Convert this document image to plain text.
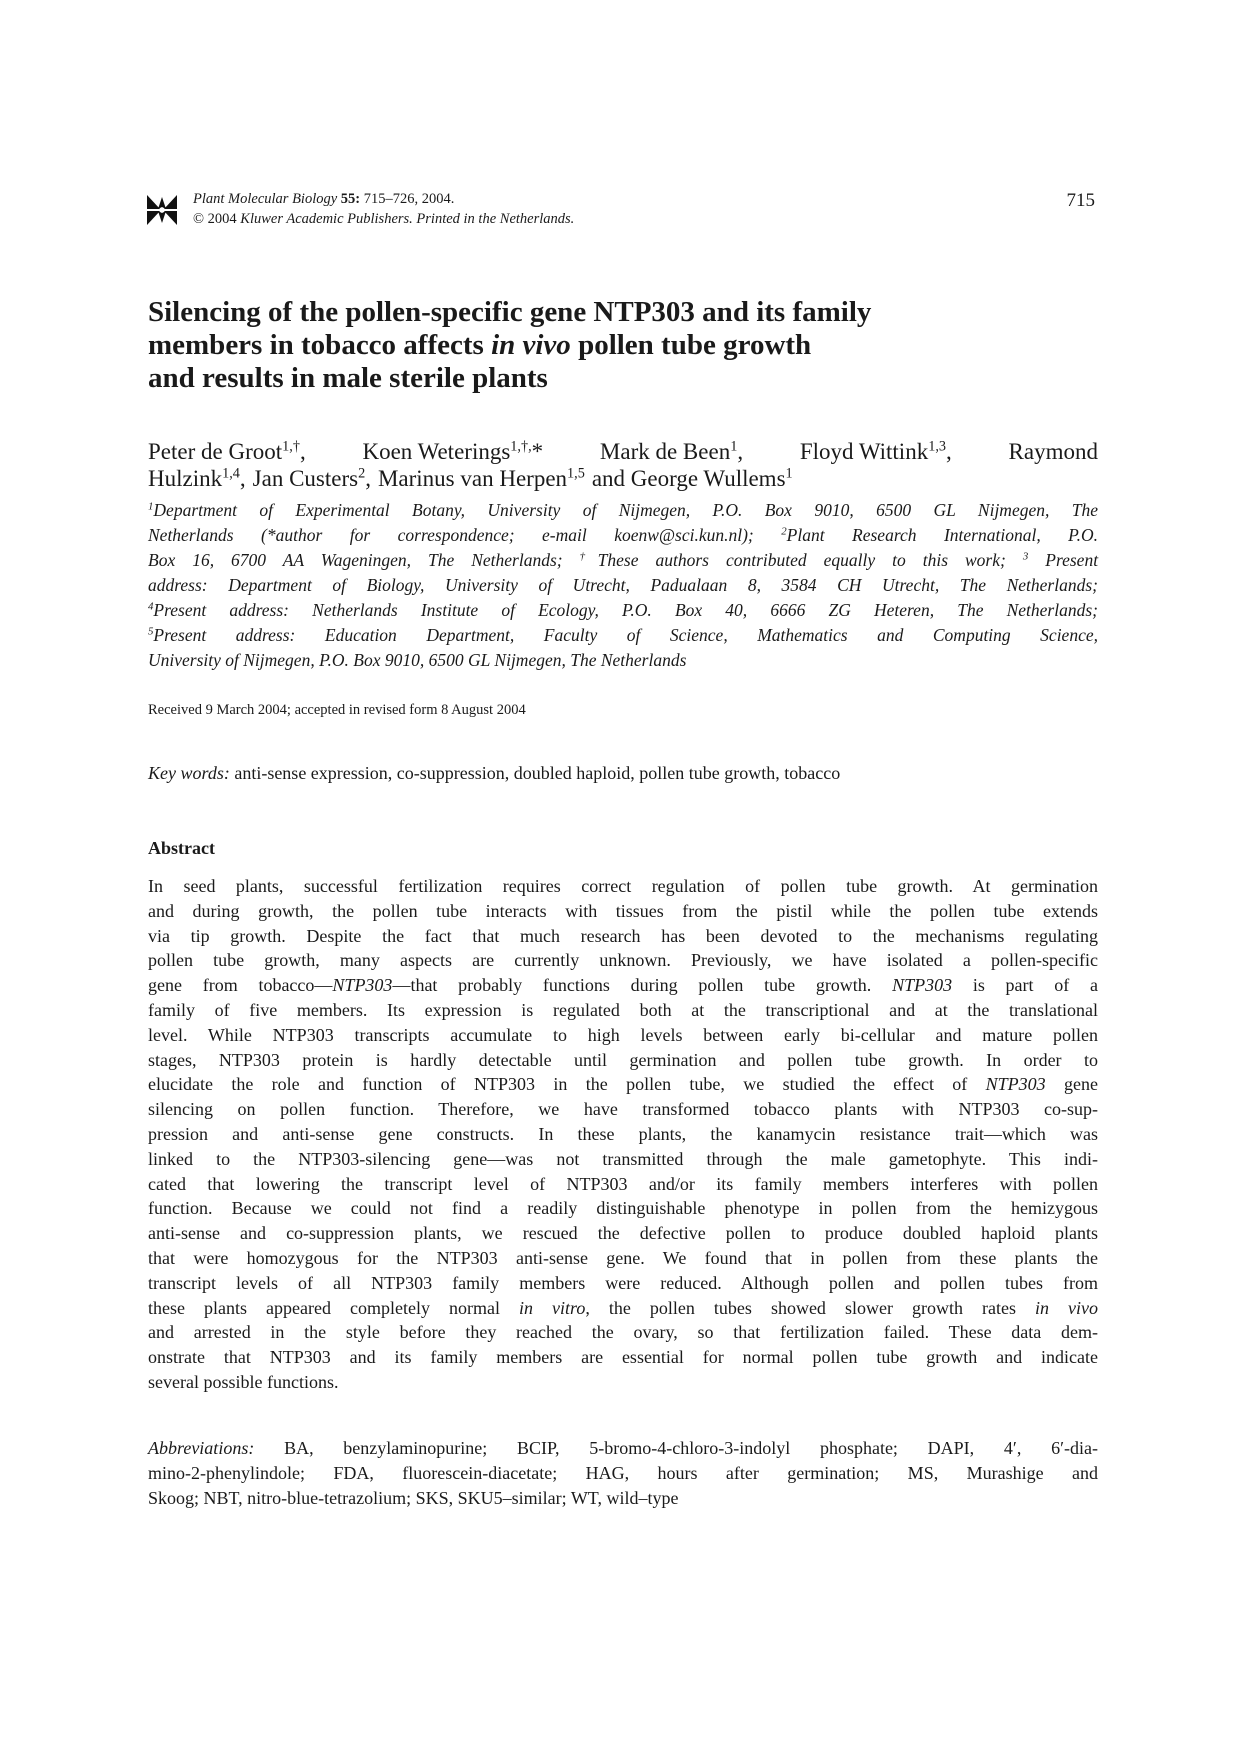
Plant Molecular Biology 55: 715–726, 2004.
© 2004 Kluwer Academic Publishers. Printed in the Netherlands.
715
Silencing of the pollen-specific gene NTP303 and its family
members in tobacco affects in vivo pollen tube growth
and results in male sterile plants
Peter de Groot$^{1,\dagger}$, Koen Weterings$^{1,\dagger,}$* Mark de Been$^1$, Floyd Wittink$^{1,3}$, Raymond
Hulzink$^{1,4}$, Jan Custers$^2$, Marinus van Herpen$^{1,5}$ and George Wullems$^1$
$^1$Department of Experimental Botany, University of Nijmegen, P.O. Box 9010, 6500 GL Nijmegen, The
Netherlands (*author for correspondence; e-mail koenw@sci.kun.nl);	$^2$Plant Research International, P.O.
Box 16, 6700 AA Wageningen, The Netherlands; †These authors contributed equally to this work; $^3$ Present
address: Department of Biology, University of Utrecht, Padualaan 8, 3584 CH Utrecht, The Netherlands;
$^4$Present address: Netherlands Institute of Ecology, P.O. Box 40, 6666 ZG Heteren, The Netherlands;
$^5$Present address: Education Department, Faculty of Science, Mathematics and Computing Science,
University of Nijmegen, P.O. Box 9010, 6500 GL Nijmegen, The Netherlands
Received 9 March 2004; accepted in revised form 8 August 2004
Key words: anti-sense expression, co-suppression, doubled haploid, pollen tube growth, tobacco
Abstract
In seed plants, successful fertilization requires correct regulation of pollen tube growth. At germination
and during growth, the pollen tube interacts with tissues from the pistil while the pollen tube extends
via tip growth. Despite the fact that much research has been devoted to the mechanisms regulating
pollen tube growth, many aspects are currently unknown. Previously, we have isolated a pollen-specific
gene from tobacco—NTP303—that probably functions during pollen tube growth. NTP303 is part of a
family of five members. Its expression is regulated both at the transcriptional and at the translational
level. While NTP303 transcripts accumulate to high levels between early bi-cellular and mature pollen
stages, NTP303 protein is hardly detectable until germination and pollen tube growth. In order to
elucidate the role and function of NTP303 in the pollen tube, we studied the effect of NTP303 gene
silencing on pollen function. Therefore, we have transformed tobacco plants with NTP303 co-sup-
pression and anti-sense gene constructs. In these plants, the kanamycin resistance trait—which was
linked to the NTP303-silencing gene—was not transmitted through the male gametophyte. This indi-
cated that lowering the transcript level of NTP303 and/or its family members interferes with pollen
function. Because we could not find a readily distinguishable phenotype in pollen from the hemizygous
anti-sense and co-suppression plants, we rescued the defective pollen to produce doubled haploid plants
that were homozygous for the NTP303 anti-sense gene. We found that in pollen from these plants the
transcript levels of all NTP303 family members were reduced. Although pollen and pollen tubes from
these plants appeared completely normal in vitro, the pollen tubes showed slower growth rates in vivo
and arrested in the style before they reached the ovary, so that fertilization failed. These data dem-
onstrate that NTP303 and its family members are essential for normal pollen tube growth and indicate
several possible functions.
Abbreviations: BA, benzylaminopurine; BCIP, 5-bromo-4-chloro-3-indolyl phosphate; DAPI, 4′, 6′-dia-
mino-2-phenylindole; FDA, fluorescein-diacetate; HAG, hours after germination; MS, Murashige and
Skoog; NBT, nitro-blue-tetrazolium; SKS, SKU5–similar; WT, wild–type
